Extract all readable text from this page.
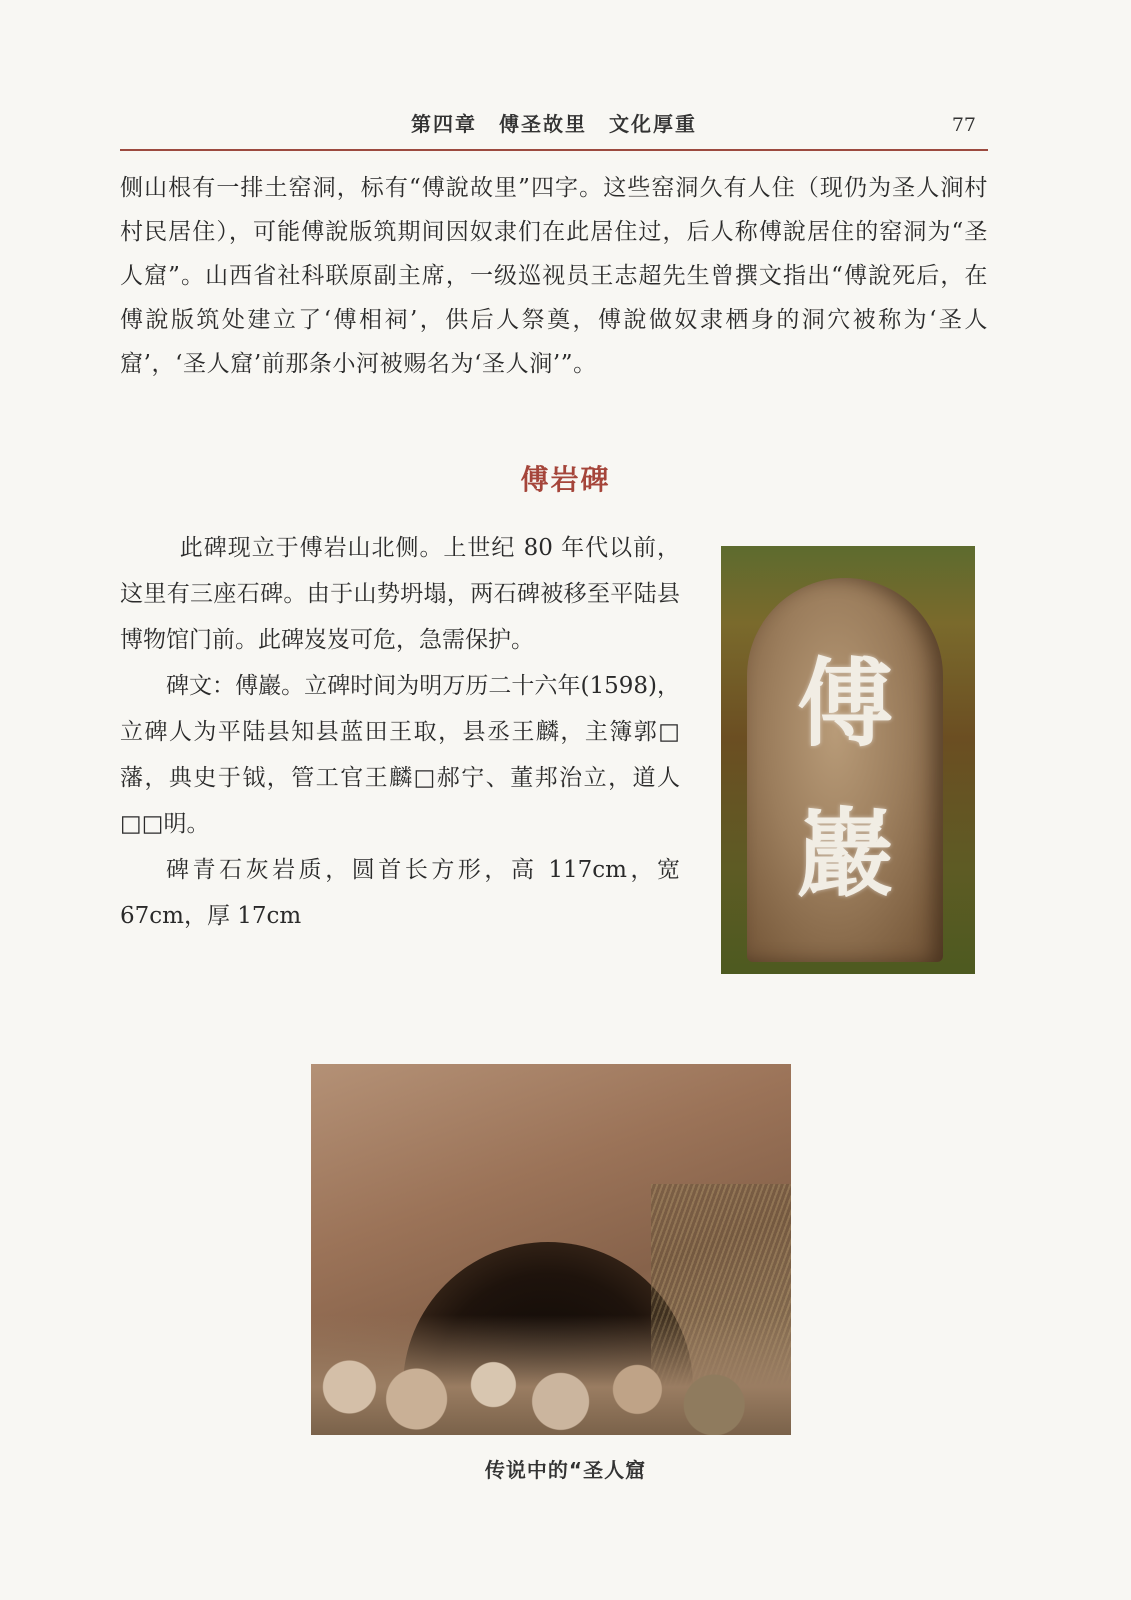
第四章　傅圣故里　文化厚重	77
侧山根有一排土窑洞，标有“傅說故里”四字。这些窑洞久有人住（现仍为圣人涧村村民居住），可能傅說版筑期间因奴隶们在此居住过，后人称傅說居住的窑洞为“圣人窟”。山西省社科联原副主席，一级巡视员王志超先生曾撰文指出“傅說死后，在傅說版筑处建立了‘傅相祠’，供后人祭奠，傅說做奴隶栖身的洞穴被称为‘圣人窟’，‘圣人窟’前那条小河被赐名为‘圣人涧’”。
傅岩碑

此碑现立于傅岩山北侧。上世纪 80 年代以前，这里有三座石碑。由于山势坍塌，两石碑被移至平陆县博物馆门前。此碑岌岌可危，急需保护。

碑文：傅巖。立碑时间为明万历二十六年(1598)，立碑人为平陆县知县蓝田王取，县丞王麟，主簿郭□藩，典史于钺，管工官王麟□郝宁、董邦治立，道人□□明。

碑青石灰岩质，圆首长方形，高 117cm，宽 67cm，厚 17cm

傅
巖
传说中的“圣人窟
